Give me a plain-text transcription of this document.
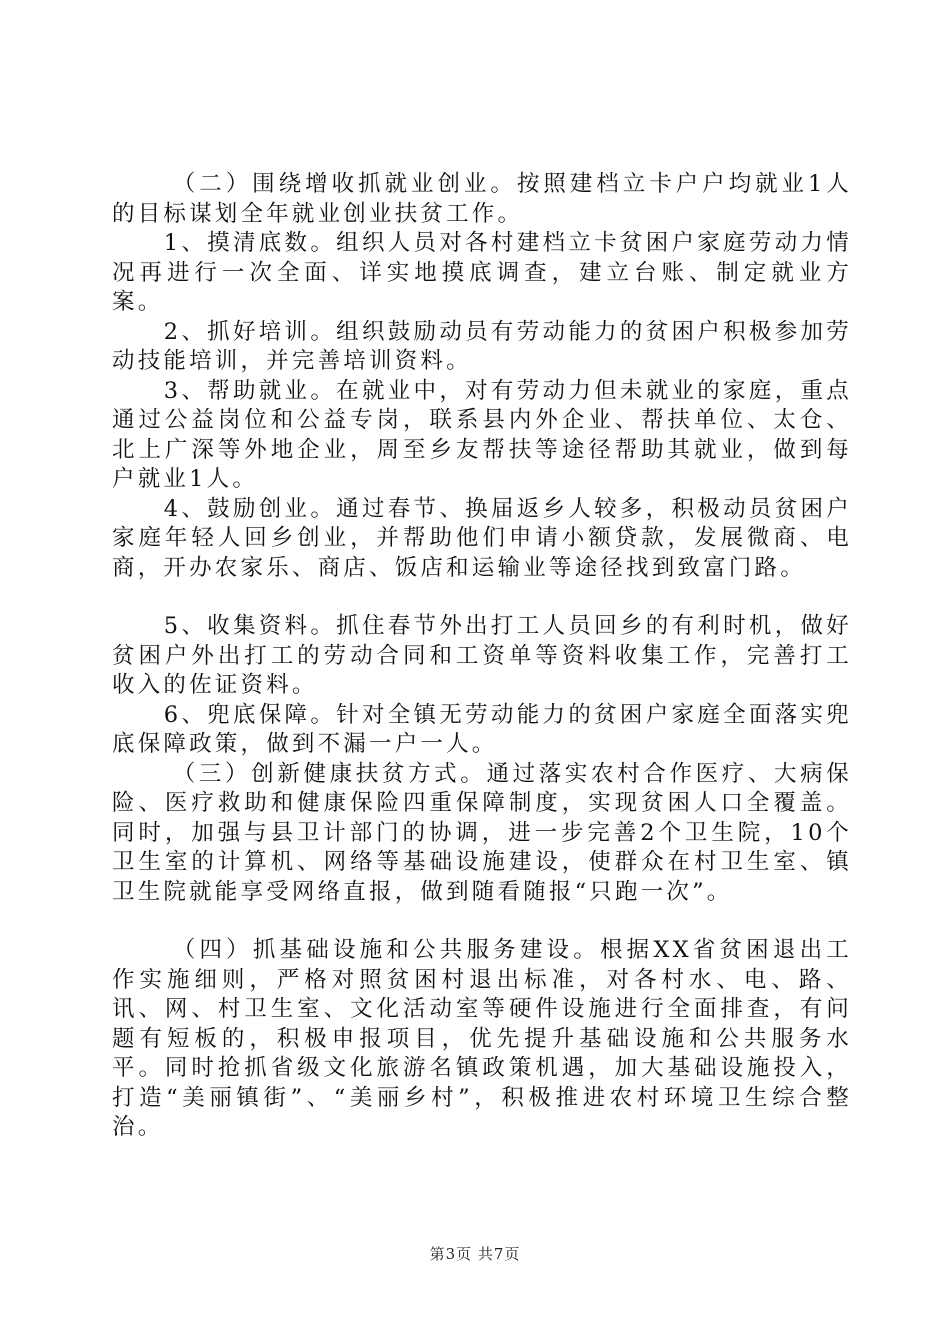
（二）围绕增收抓就业创业。按照建档立卡户户均就业1人的目标谋划全年就业创业扶贫工作。

1、摸清底数。组织人员对各村建档立卡贫困户家庭劳动力情况再进行一次全面、详实地摸底调查，建立台账、制定就业方案。

2、抓好培训。组织鼓励动员有劳动能力的贫困户积极参加劳动技能培训，并完善培训资料。

3、帮助就业。在就业中，对有劳动力但未就业的家庭，重点通过公益岗位和公益专岗，联系县内外企业、帮扶单位、太仓、北上广深等外地企业，周至乡友帮扶等途径帮助其就业，做到每户就业1人。

4、鼓励创业。通过春节、换届返乡人较多，积极动员贫困户家庭年轻人回乡创业，并帮助他们申请小额贷款，发展微商、电商，开办农家乐、商店、饭店和运输业等途径找到致富门路。

5、收集资料。抓住春节外出打工人员回乡的有利时机，做好贫困户外出打工的劳动合同和工资单等资料收集工作，完善打工收入的佐证资料。

6、兜底保障。针对全镇无劳动能力的贫困户家庭全面落实兜底保障政策，做到不漏一户一人。

（三）创新健康扶贫方式。通过落实农村合作医疗、大病保险、医疗救助和健康保险四重保障制度，实现贫困人口全覆盖。同时，加强与县卫计部门的协调，进一步完善2个卫生院，10个卫生室的计算机、网络等基础设施建设，使群众在村卫生室、镇卫生院就能享受网络直报，做到随看随报“只跑一次”。

（四）抓基础设施和公共服务建设。根据XX省贫困退出工作实施细则，严格对照贫困村退出标准，对各村水、电、路、讯、网、村卫生室、文化活动室等硬件设施进行全面排查，有问题有短板的，积极申报项目，优先提升基础设施和公共服务水平。同时抢抓省级文化旅游名镇政策机遇，加大基础设施投入，打造“美丽镇街”、“美丽乡村”，积极推进农村环境卫生综合整治。

第3页 共7页
